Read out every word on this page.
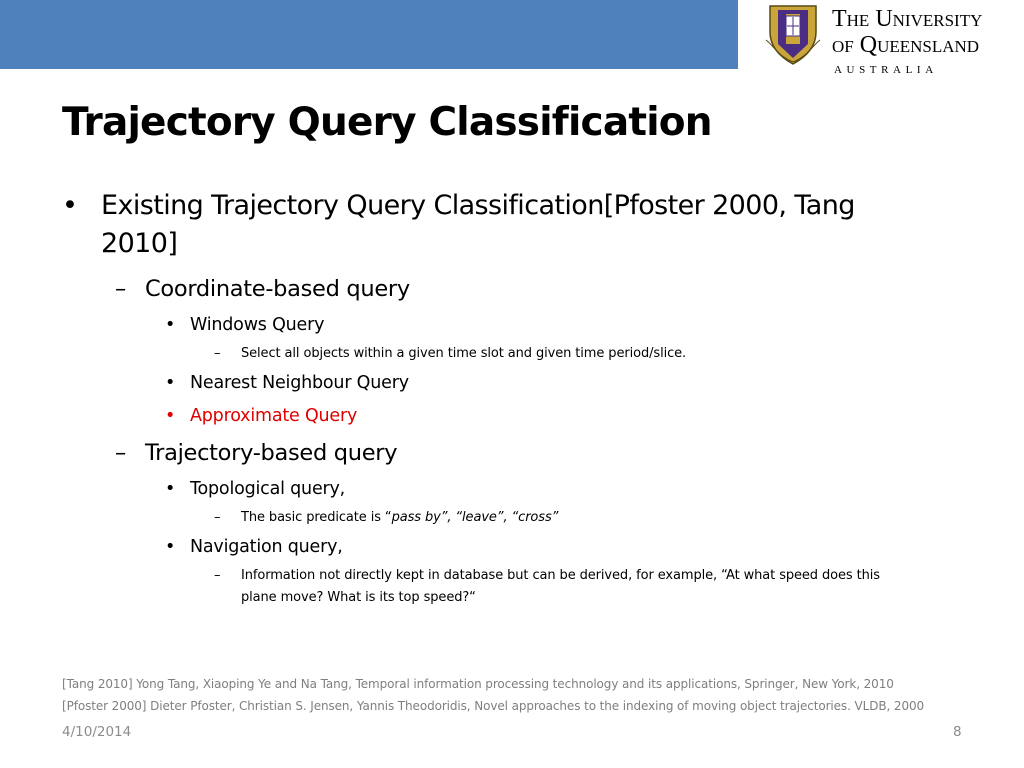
The University
of Queensland
AUSTRALIA
Trajectory Query Classification
• Existing Trajectory Query Classification[Pfoster 2000, Tang
2010]
– Coordinate-based query
• Windows Query
– Select all objects within a given time slot and given time period/slice.
• Nearest Neighbour Query
• Approximate Query
– Trajectory-based query
• Topological query,
– The basic predicate is “pass by”, “leave”, “cross”
• Navigation query,
– Information not directly kept in database but can be derived, for example, “At what speed does this
plane move? What is its top speed?“
[Tang 2010] Yong Tang, Xiaoping Ye and Na Tang, Temporal information processing technology and its applications, Springer, New York, 2010
[Pfoster 2000] Dieter Pfoster, Christian S. Jensen, Yannis Theodoridis, Novel approaches to the indexing of moving object trajectories. VLDB, 2000
4/10/2014	8
